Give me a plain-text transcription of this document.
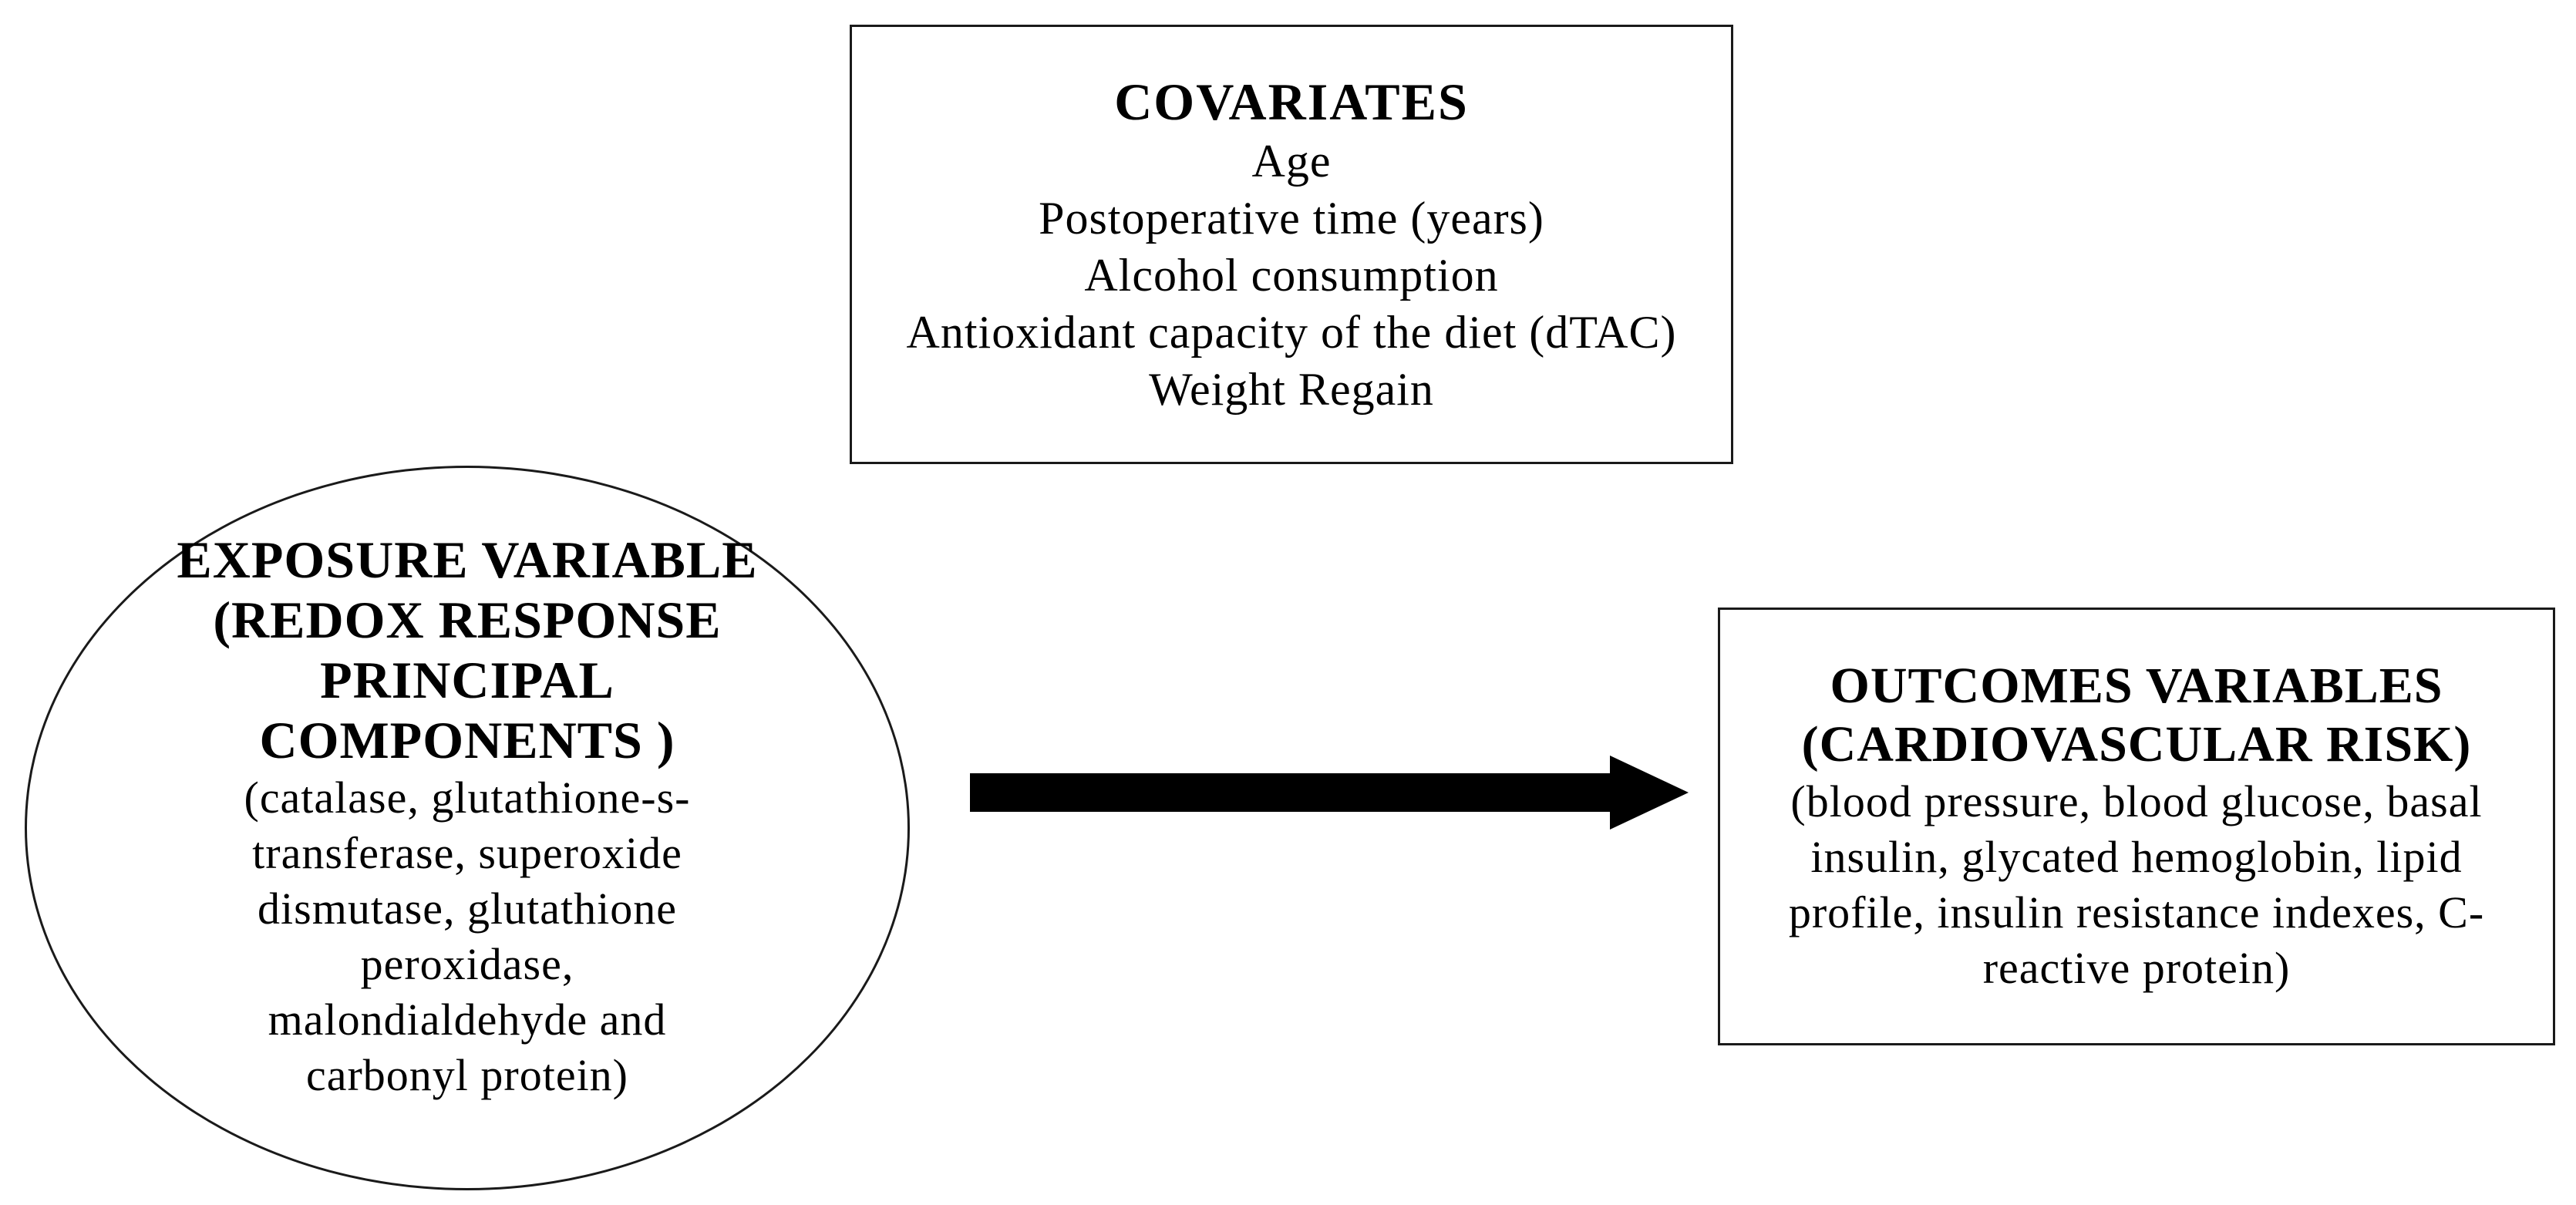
COVARIATES
Age
Postoperative time (years)
Alcohol consumption
Antioxidant capacity of the diet (dTAC)
Weight Regain
EXPOSURE VARIABLE
(REDOX RESPONSE
PRINCIPAL
COMPONENTS )
(catalase, glutathione-s-
transferase, superoxide
dismutase, glutathione
peroxidase,
malondialdehyde and
carbonyl protein)
OUTCOMES VARIABLES
(CARDIOVASCULAR RISK)
(blood pressure, blood glucose, basal
insulin, glycated hemoglobin, lipid
profile, insulin resistance indexes, C-
reactive protein)
